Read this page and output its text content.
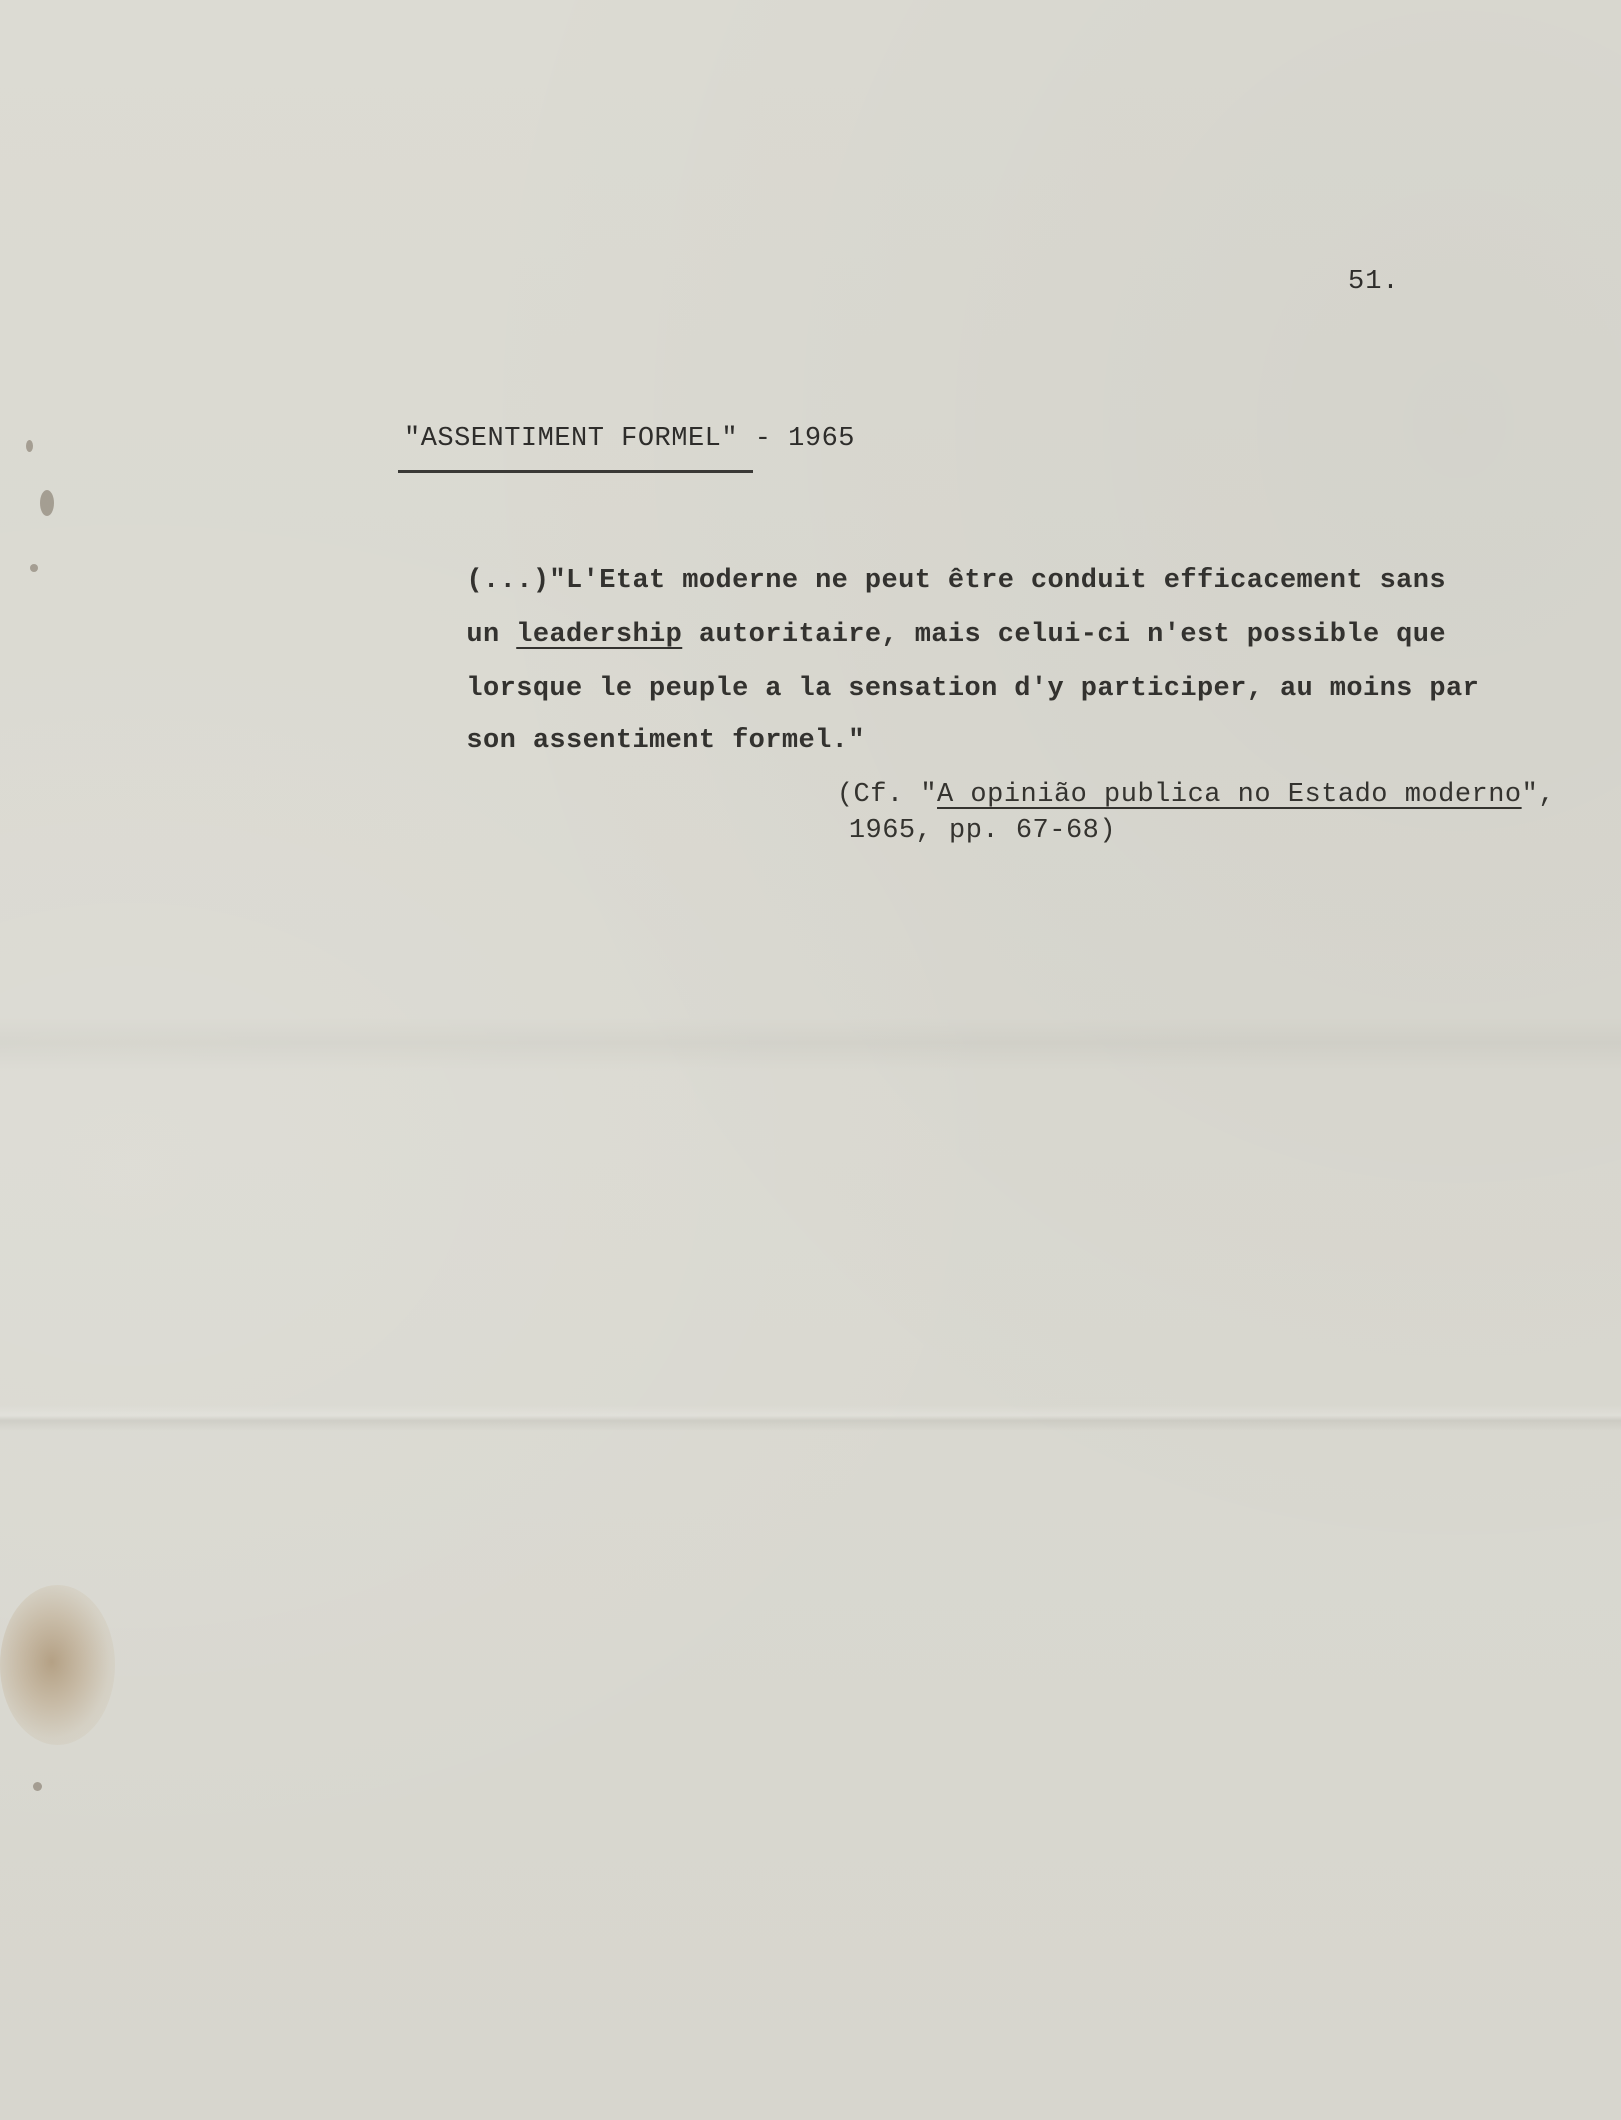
51.
"ASSENTIMENT FORMEL" - 1965

(...)"L'Etat moderne ne peut être conduit efficacement sans

un leadership autoritaire, mais celui-ci n'est possible que

lorsque le peuple a la sensation d'y participer, au moins par

son assentiment formel."

(Cf. "A opinião publica no Estado moderno",

1965, pp. 67-68)
